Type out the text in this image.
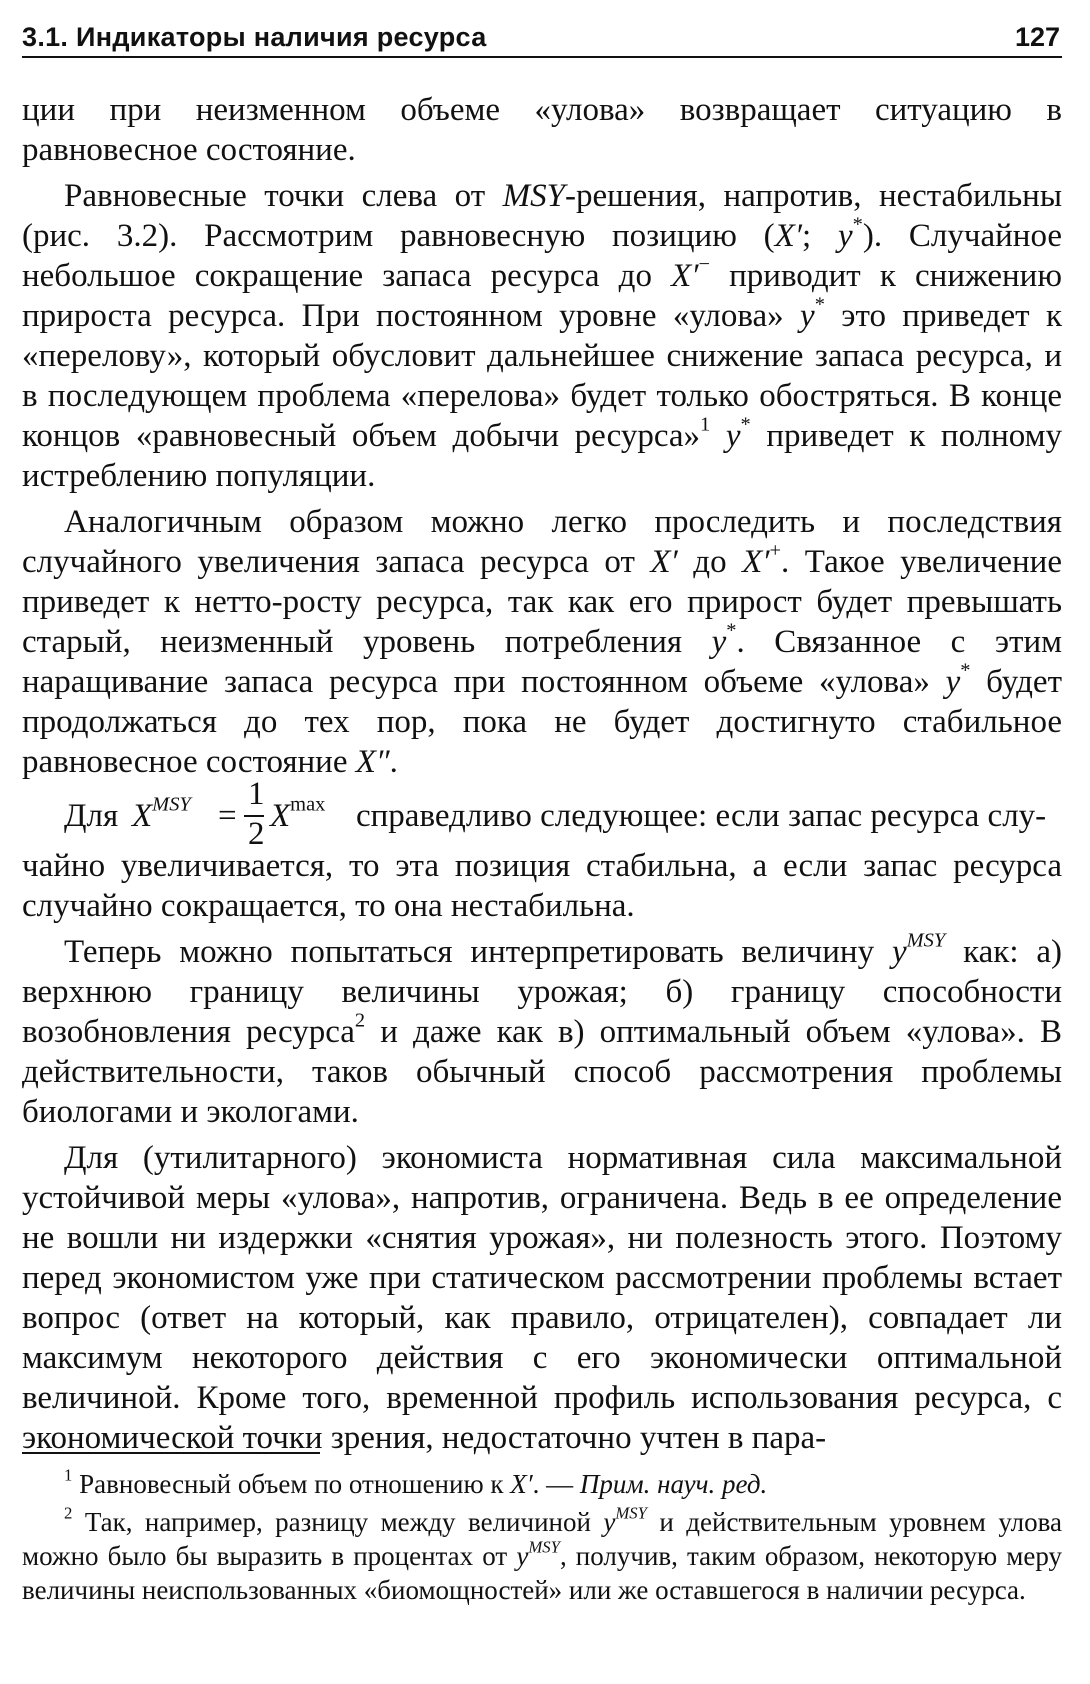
3.1. Индикаторы наличия ресурса	127

ции при неизменном объеме «улова» возвращает ситуацию в равновесное состояние.

Равновесные точки слева от MSY-решения, напротив, нестабильны (рис. 3.2). Рассмотрим равновесную позицию (X′; y*). Случайное небольшое сокращение запаса ресурса до X′− приводит к снижению прироста ресурса. При постоянном уровне «улова» y* это приведет к «перелову», который обусловит дальнейшее снижение запаса ресурса, и в последующем проблема «перелова» будет только обостряться. В конце концов «равновесный объем добычи ресурса»$^1$ y* приведет к полному истреблению популяции.

Аналогичным образом можно легко проследить и последствия случайного увеличения запаса ресурса от X′ до X′+. Такое увеличение приведет к нетто-росту ресурса, так как его прирост будет превышать старый, неизменный уровень потребления y*. Связанное с этим наращивание запаса ресурса при постоянном объеме «улова» y* будет продолжаться до тех пор, пока не будет достигнуто стабильное равновесное состояние X″.

Для $X^{MSY}$ =
1
2 $X^{max}$ справедливо следующее: если запас ресурса слу-

чайно увеличивается, то эта позиция стабильна, а если запас ресурса случайно сокращается, то она нестабильна.

Теперь можно попытаться интерпретировать величину $y^{MSY}$ как: а) верхнюю границу величины урожая; б) границу способности возобновления ресурса$^2$ и даже как в) оптимальный объем «улова». В действительности, таков обычный способ рассмотрения проблемы биологами и экологами.

Для (утилитарного) экономиста нормативная сила максимальной устойчивой меры «улова», напротив, ограничена. Ведь в ее определение не вошли ни издержки «снятия урожая», ни полезность этого. Поэтому перед экономистом уже при статическом рассмотрении проблемы встает вопрос (ответ на который, как правило, отрицателен), совпадает ли максимум некоторого действия с его экономически оптимальной величиной. Кроме того, временной профиль использования ресурса, с экономической точки зрения, недостаточно учтен в пара-

$^1$ Равновесный объем по отношению к X′. — Прим. науч. ред.

$^2$ Так, например, разницу между величиной $y^{MSY}$ и действительным уровнем улова можно было бы выразить в процентах от $y^{MSY}$, получив, таким образом, некоторую меру величины неиспользованных «биомощностей» или же оставшегося в наличии ресурса.
